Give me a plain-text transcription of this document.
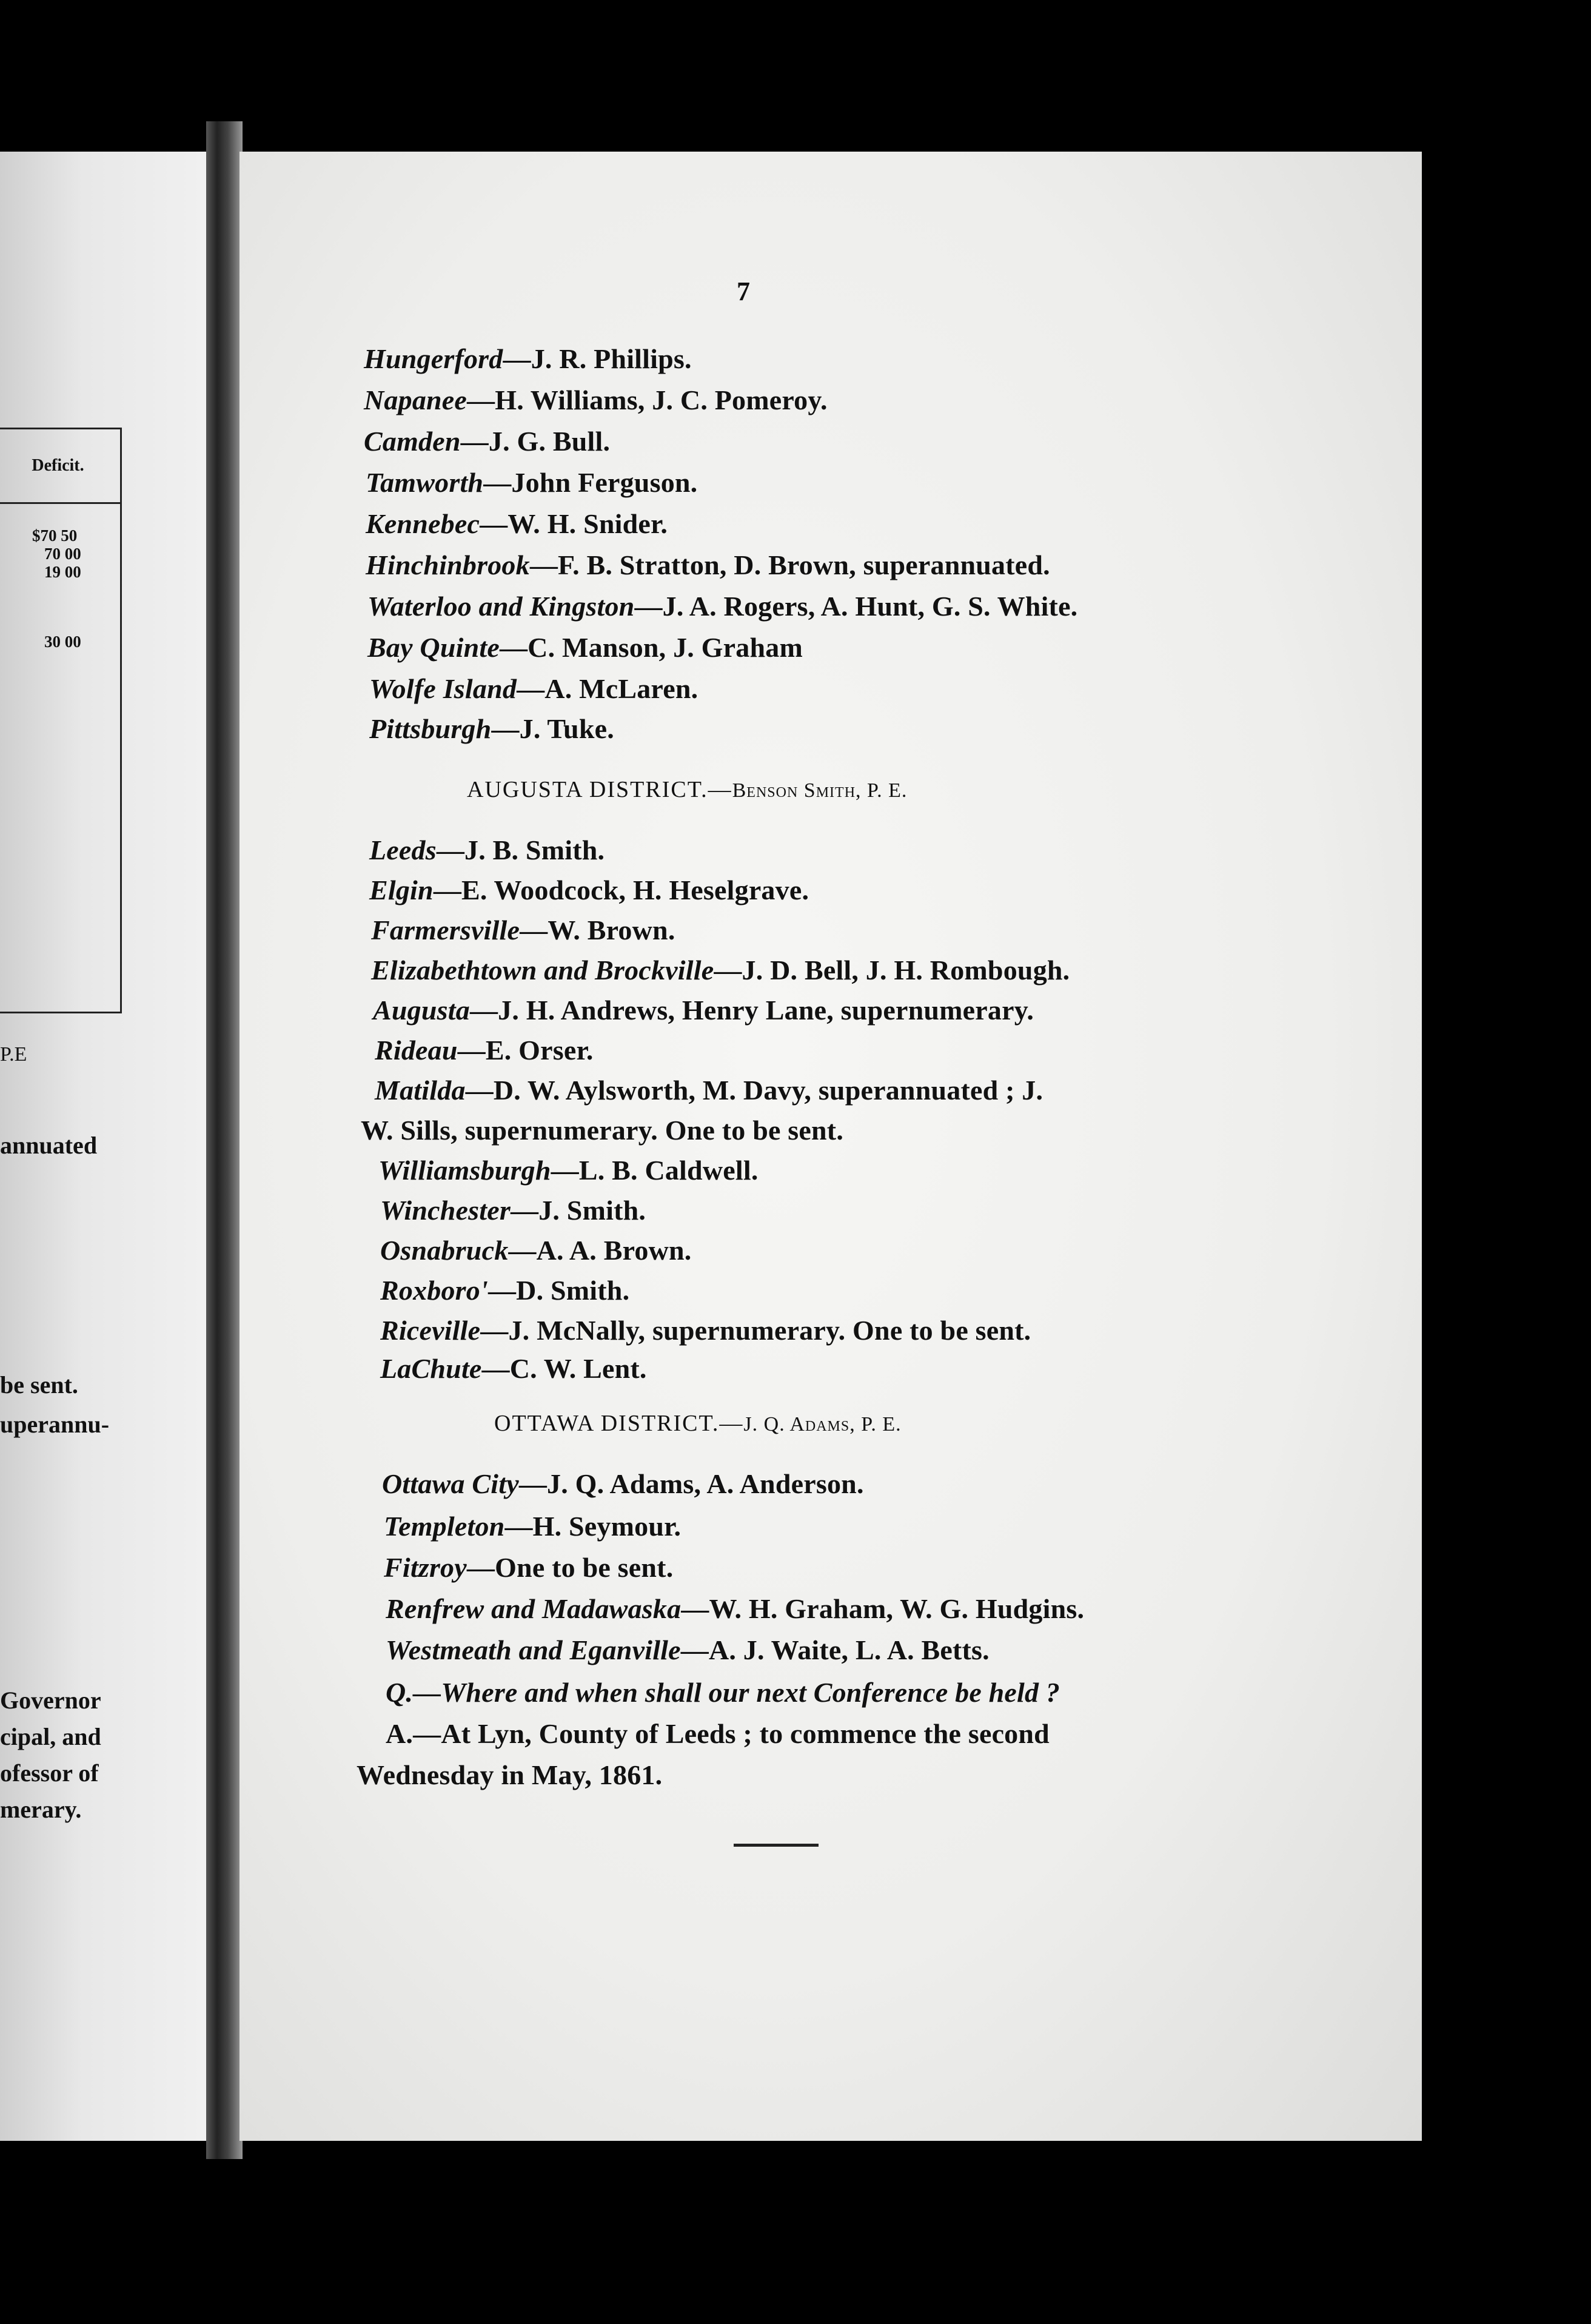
Deficit.
$70 50
70 00
19 00
30 00
P.E
annuated
be sent.
uperannu-
Governor
cipal, and
ofessor of
merary.
7
Hungerford—J. R. Phillips.
Napanee—H. Williams, J. C. Pomeroy.
Camden—J. G. Bull.
Tamworth—John Ferguson.
Kennebec—W. H. Snider.
Hinchinbrook—F. B. Stratton, D. Brown, superannuated.
Waterloo and Kingston—J. A. Rogers, A. Hunt, G. S. White.
Bay Quinte—C. Manson, J. Graham
Wolfe Island—A. McLaren.
Pittsburgh—J. Tuke.
AUGUSTA DISTRICT.—Benson Smith, P. E.
Leeds—J. B. Smith.
Elgin—E. Woodcock, H. Heselgrave.
Farmersville—W. Brown.
Elizabethtown and Brockville—J. D. Bell, J. H. Rombough.
Augusta—J. H. Andrews, Henry Lane, supernumerary.
Rideau—E. Orser.
Matilda—D. W. Aylsworth, M. Davy, superannuated ; J.
W. Sills, supernumerary. One to be sent.
Williamsburgh—L. B. Caldwell.
Winchester—J. Smith.
Osnabruck—A. A. Brown.
Roxboro'—D. Smith.
Riceville—J. McNally, supernumerary. One to be sent.
LaChute—C. W. Lent.
OTTAWA DISTRICT.—J. Q. Adams, P. E.
Ottawa City—J. Q. Adams, A. Anderson.
Templeton—H. Seymour.
Fitzroy—One to be sent.
Renfrew and Madawaska—W. H. Graham, W. G. Hudgins.
Westmeath and Eganville—A. J. Waite, L. A. Betts.
Q.—Where and when shall our next Conference be held ?
A.—At Lyn, County of Leeds ; to commence the second
Wednesday in May, 1861.
